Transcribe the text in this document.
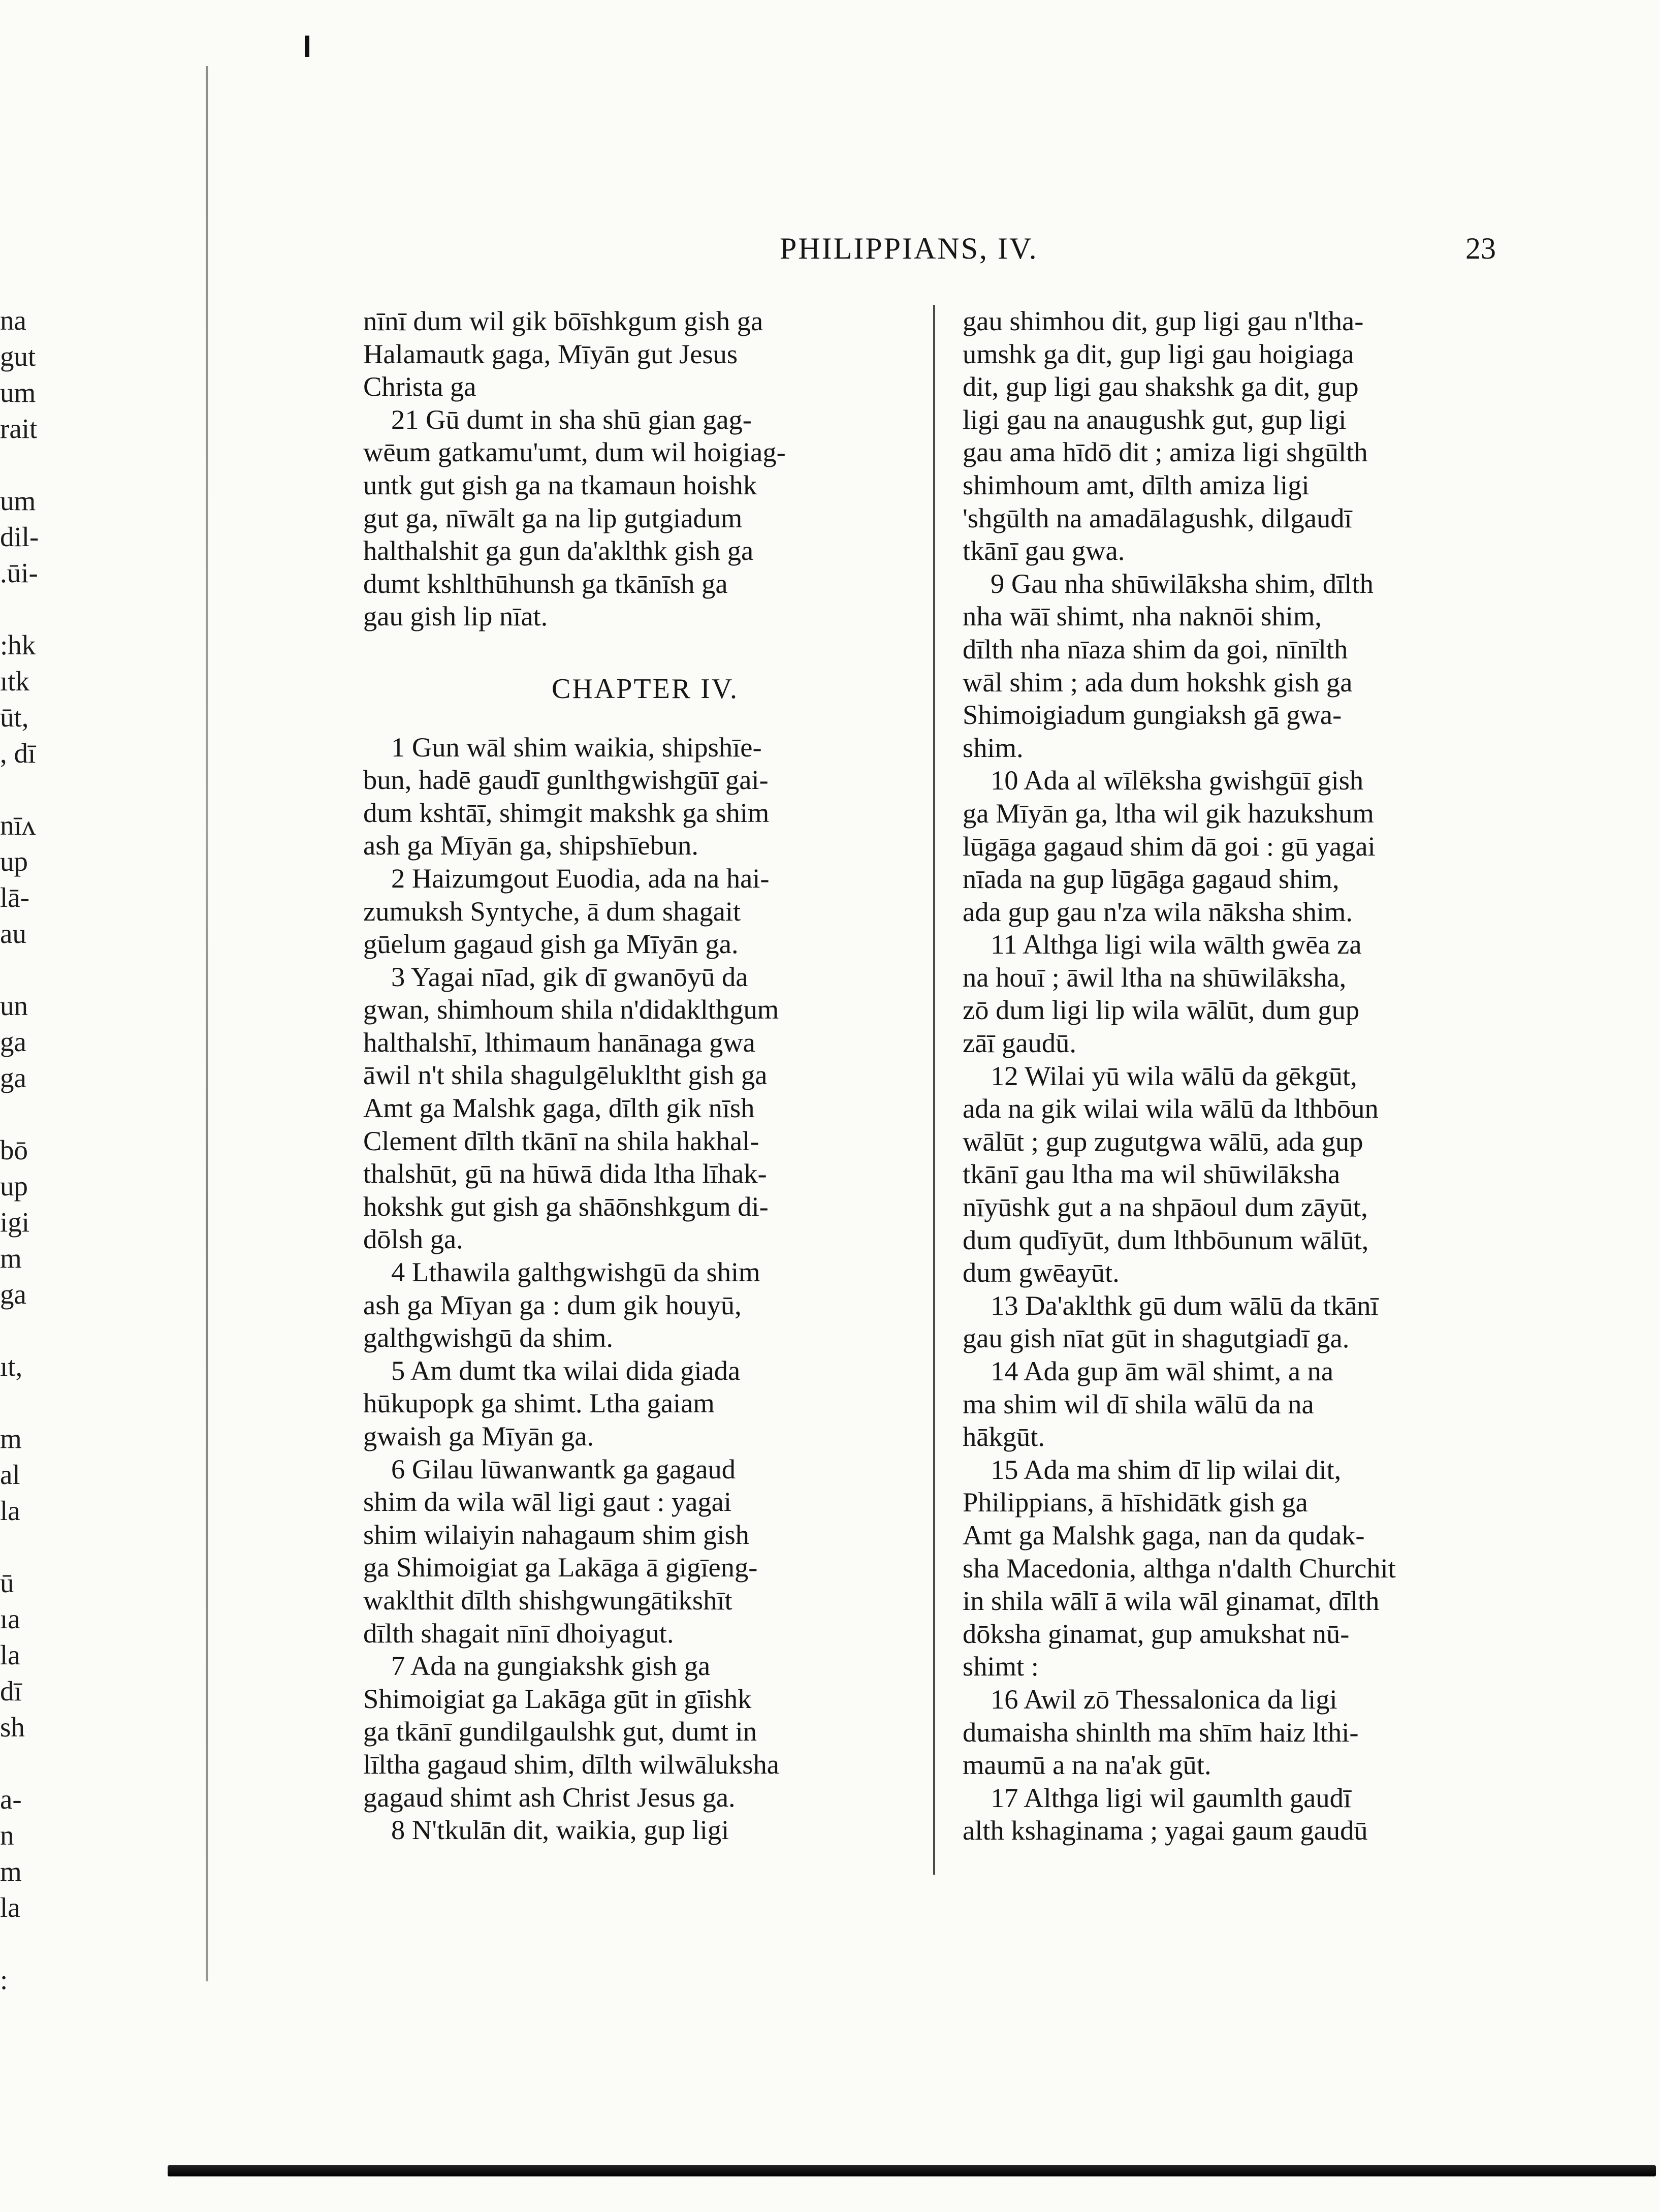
PHILIPPIANS, IV.	23
na
gut
um
rait
um
dil-
.ūi-
:hk
ıtk
ūt,
, dī
nīʌ
up
lā-
au
un
ga
ga
bō
up
igi
m
ga
ıt,
m
al
la
ū
ıa
la
dī
sh
a-
n
m
la
:
nīnī dum wil gik bōīshkgum gish ga
Halamautk gaga, Mīyān gut Jesus
Christa ga
21 Gū dumt in sha shū gian gag-
wēum gatkamu'umt, dum wil hoigiag-
untk gut gish ga na tkamaun hoishk
gut ga, nīwālt ga na lip gutgiadum
halthalshit ga gun da'aklthk gish ga
dumt kshlthūhunsh ga tkānīsh ga
gau gish lip nīat.
CHAPTER IV.
1 Gun wāl shim waikia, shipshīe-
bun, hadē gaudī gunlthgwishgūī gai-
dum kshtāī, shimgit makshk ga shim
ash ga Mīyān ga, shipshīebun.
2 Haizumgout Euodia, ada na hai-
zumuksh Syntyche, ā dum shagait
gūelum gagaud gish ga Mīyān ga.
3 Yagai nīad, gik dī gwanōyū da
gwan, shimhoum shila n'didaklthgum
halthalshī, lthimaum hanānaga gwa
āwil n't shila shagulgēlukltht gish ga
Amt ga Malshk gaga, dīlth gik nīsh
Clement dīlth tkānī na shila hakhal-
thalshūt, gū na hūwā dida ltha līhak-
hokshk gut gish ga shāōnshkgum di-
dōlsh ga.
4 Lthawila galthgwishgū da shim
ash ga Mīyan ga : dum gik houyū,
galthgwishgū da shim.
5 Am dumt tka wilai dida giada
hūkupopk ga shimt. Ltha gaiam
gwaish ga Mīyān ga.
6 Gilau lūwanwantk ga gagaud
shim da wila wāl ligi gaut : yagai
shim wilaiyin nahagaum shim gish
ga Shimoigiat ga Lakāga ā gigīeng-
waklthit dīlth shishgwungātikshīt
dīlth shagait nīnī dhoiyagut.
7 Ada na gungiakshk gish ga
Shimoigiat ga Lakāga gūt in gīishk
ga tkānī gundilgaulshk gut, dumt in
līltha gagaud shim, dīlth wilwāluksha
gagaud shimt ash Christ Jesus ga.
8 N'tkulān dit, waikia, gup ligi
gau shimhou dit, gup ligi gau n'ltha-
umshk ga dit, gup ligi gau hoigiaga
dit, gup ligi gau shakshk ga dit, gup
ligi gau na anaugushk gut, gup ligi
gau ama hīdō dit ; amiza ligi shgūlth
shimhoum amt, dīlth amiza ligi
'shgūlth na amadālagushk, dilgaudī
tkānī gau gwa.
9 Gau nha shūwilāksha shim, dīlth
nha wāī shimt, nha naknōi shim,
dīlth nha nīaza shim da goi, nīnīlth
wāl shim ; ada dum hokshk gish ga
Shimoigiadum gungiaksh gā gwa-
shim.
10 Ada al wīlēksha gwishgūī gish
ga Mīyān ga, ltha wil gik hazukshum
lūgāga gagaud shim dā goi : gū yagai
nīada na gup lūgāga gagaud shim,
ada gup gau n'za wila nāksha shim.
11 Althga ligi wila wālth gwēa za
na houī ; āwil ltha na shūwilāksha,
zō dum ligi lip wila wālūt, dum gup
zāī gaudū.
12 Wilai yū wila wālū da gēkgūt,
ada na gik wilai wila wālū da lthbōun
wālūt ; gup zugutgwa wālū, ada gup
tkānī gau ltha ma wil shūwilāksha
nīyūshk gut a na shpāoul dum zāyūt,
dum qudīyūt, dum lthbōunum wālūt,
dum gwēayūt.
13 Da'aklthk gū dum wālū da tkānī
gau gish nīat gūt in shagutgiadī ga.
14 Ada gup ām wāl shimt, a na
ma shim wil dī shila wālū da na
hākgūt.
15 Ada ma shim dī lip wilai dit,
Philippians, ā hīshidātk gish ga
Amt ga Malshk gaga, nan da qudak-
sha Macedonia, althga n'dalth Churchit
in shila wālī ā wila wāl ginamat, dīlth
dōksha ginamat, gup amukshat nū-
shimt :
16 Awil zō Thessalonica da ligi
dumaisha shinlth ma shīm haiz lthi-
maumū a na na'ak gūt.
17 Althga ligi wil gaumlth gaudī
alth kshaginama ; yagai gaum gaudū
